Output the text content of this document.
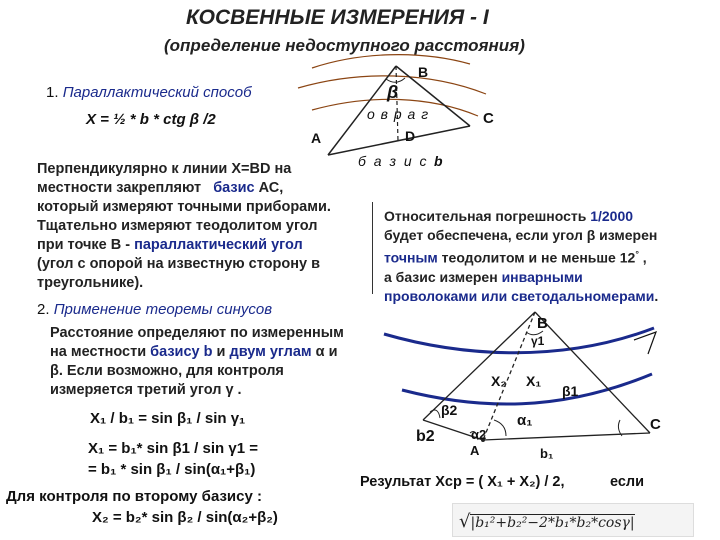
КОСВЕННЫЕ ИЗМЕРЕНИЯ - I
(определение недоступного расстояния)
1. Параллактический способ
X = ½ * b * ctg β /2
B
β
о в р а г	C
D
A
б а з и с b
Перпендикулярно к линии X=BD на
местности закрепляют базис АС,
который измеряют точными приборами.
Тщательно измеряют теодолитом угол
при точке В - параллактический угол
(угол с опорой на известную сторону в
треугольнике).
Относительная погрешность 1/2000
будет обеспечена, если угол β измерен
точным теодолитом и не меньше 12° ,
а базис измерен инварными
проволоками или светодальномерами.
2. Применение теоремы синусов
Расстояние определяют по измеренным
на местности базису b и двум углам α и
β. Если возможно, для контроля
измеряется третий угол γ .
X₁ / b₁ = sin β₁ / sin γ₁
X₁ = b₁* sin β1 / sin γ1 =
= b₁ * sin β₁ / sin(α₁+β₁)
Для контроля по второму базису :
X₂ = b₂* sin β₂ / sin(α₂+β₂)
B
γ1
X₂ X₁
β1
β2
α₁
b2	α2
A	b₁
C
Результат Xср = ( X₁ + X₂) / 2,	если
√|b₁²+b₂²−2*b₁*b₂*cosγ|
